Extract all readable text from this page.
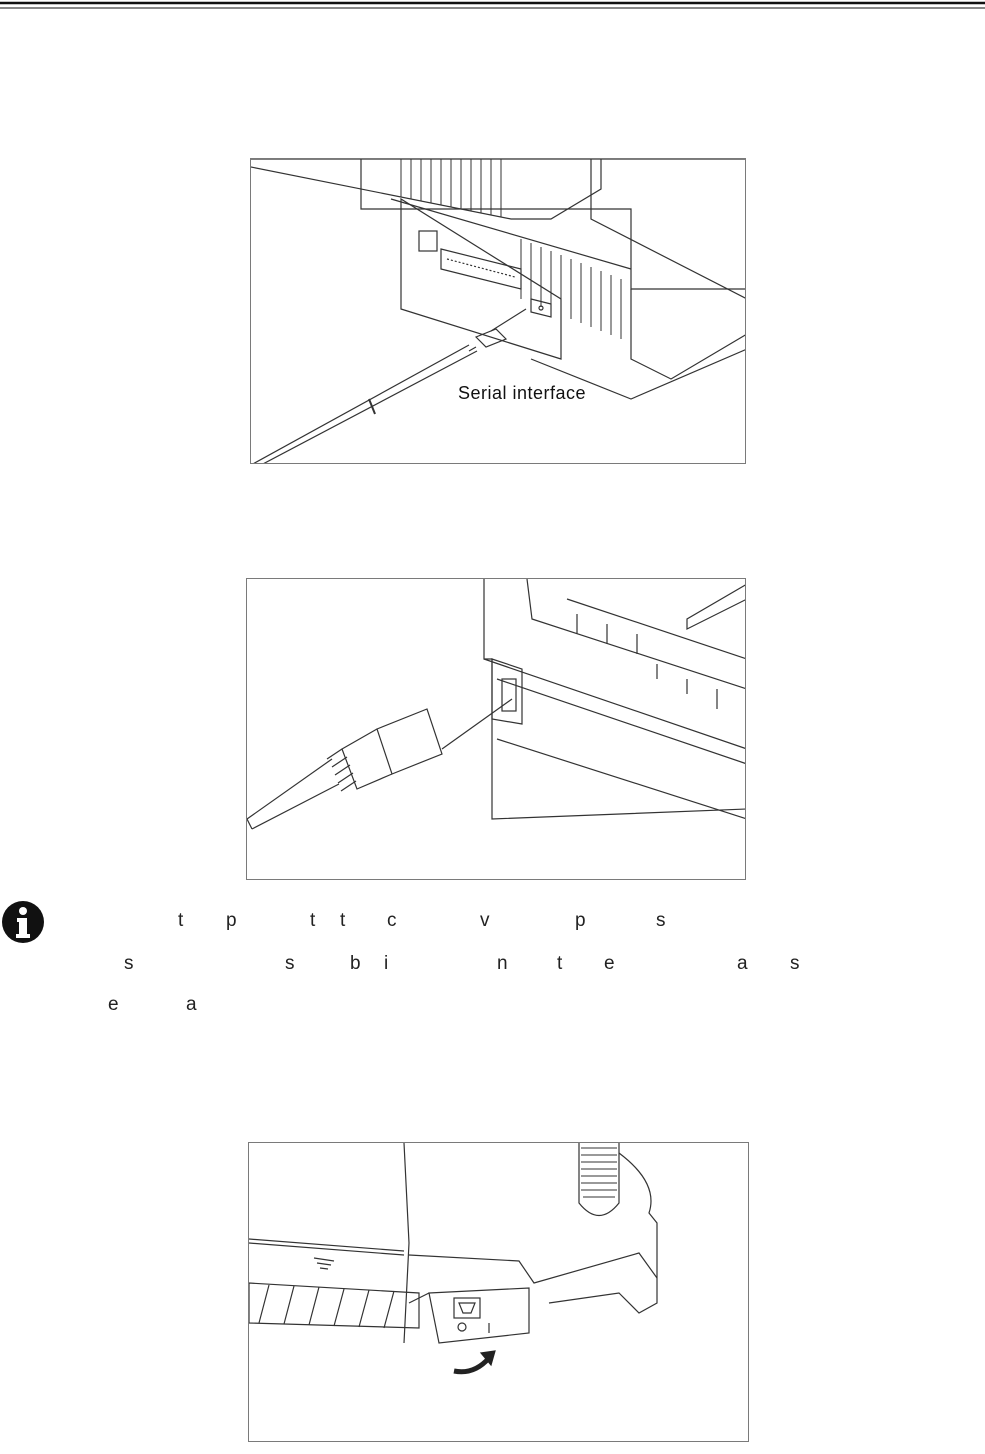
Serial interface
t p	t t c	v	p	s
s	s	b i	n	t e	a s
e	a
